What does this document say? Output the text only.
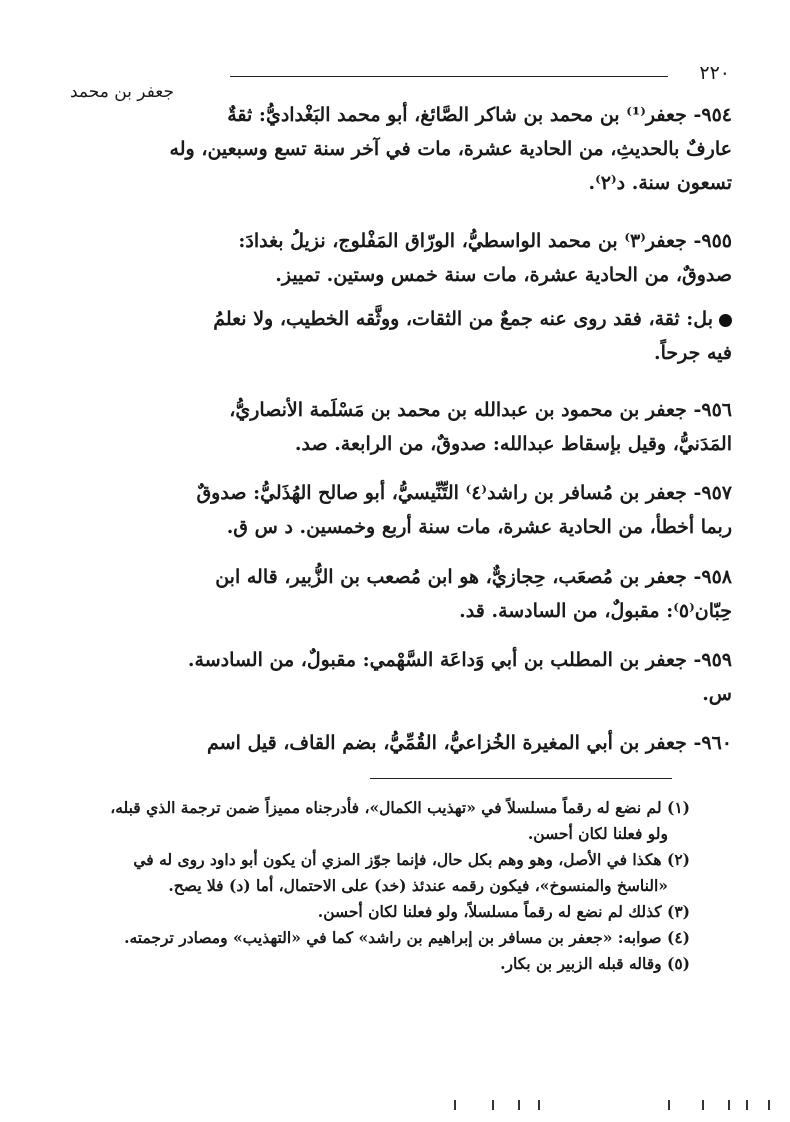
٢٢٠
جعفر بن محمد

٩٥٤- جعفر⁽¹⁾ بن محمد بن شاكر الصَّائغ، أبو محمد البَغْداديُّ: ثقةٌ

عارفٌ بالحديثِ، من الحادية عشرة، مات في آخر سنة تسع وسبعين، وله

تسعون سنة. د⁽٢⁾.

٩٥٥- جعفر⁽٣⁾ بن محمد الواسطيُّ، الورّاق المَفْلوج، نزيلُ بغدادَ:

صدوقٌ، من الحادية عشرة، مات سنة خمس وستين. تمييز.

بل: ثقة، فقد روى عنه جمعٌ من الثقات، ووثَّقه الخطيب، ولا نعلمُ

فيه جرحاً.

٩٥٦- جعفر بن محمود بن عبدالله بن محمد بن مَسْلَمة الأنصاريُّ،

المَدَنيُّ، وقيل بإسقاط عبدالله: صدوقٌ، من الرابعة. صد.

٩٥٧- جعفر بن مُسافر بن راشد⁽٤⁾ التِّنِّيسيُّ، أبو صالح الهُذَليُّ: صدوقٌ

ربما أخطأ، من الحادية عشرة، مات سنة أربع وخمسين. د س ق.

٩٥٨- جعفر بن مُصعَب، حِجازيٌّ، هو ابن مُصعب بن الزُّبير، قاله ابن

حِبّان⁽٥⁾: مقبولٌ، من السادسة. قد.

٩٥٩- جعفر بن المطلب بن أبي وَداعَة السَّهْمي: مقبولٌ، من السادسة.

س.

٩٦٠- جعفر بن أبي المغيرة الخُزاعيُّ، القُمِّيُّ، بضم القاف، قيل اسم

(١) لم نضع له رقماً مسلسلاً في «تهذيب الكمال»، فأدرجناه مميزاً ضمن ترجمة الذي قبله،

ولو فعلنا لكان أحسن.

(٢) هكذا في الأصل، وهو وهم بكل حال، فإنما جوّز المزي أن يكون أبو داود روى له في

«الناسخ والمنسوخ»، فيكون رقمه عندئذ (خد) على الاحتمال، أما (د) فلا يصح.

(٣) كذلك لم نضع له رقماً مسلسلاً، ولو فعلنا لكان أحسن.

(٤) صوابه: «جعفر بن مسافر بن إبراهيم بن راشد» كما في «التهذيب» ومصادر ترجمته.

(٥) وقاله قبله الزبير بن بكار.
